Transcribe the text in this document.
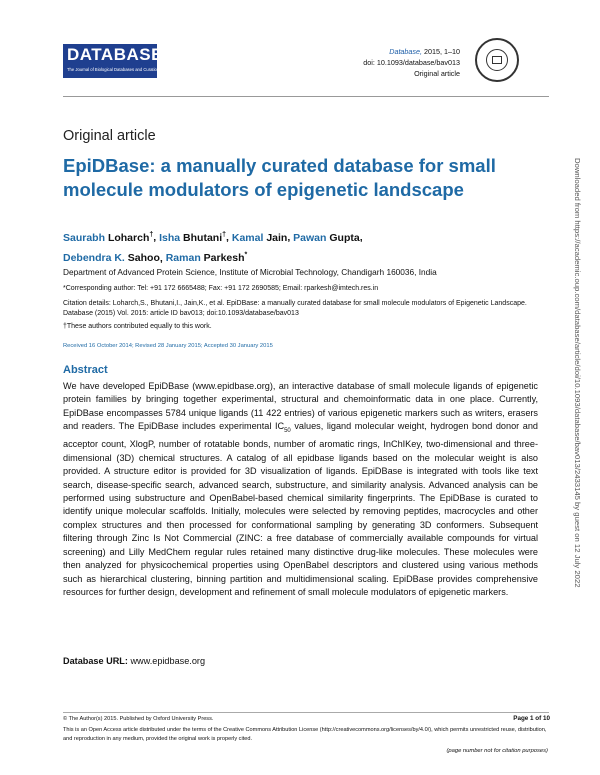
DATABASE
The Journal of Biological Databases and Curation
Database, 2015, 1–10
doi: 10.1093/database/bav013
Original article
Original article
EpiDBase: a manually curated database for small molecule modulators of epigenetic landscape
Saurabh Loharch†, Isha Bhutani†, Kamal Jain, Pawan Gupta,
Debendra K. Sahoo, Raman Parkesh*
Department of Advanced Protein Science, Institute of Microbial Technology, Chandigarh 160036, India
*Corresponding author: Tel: +91 172 6665488; Fax: +91 172 2690585; Email: rparkesh@imtech.res.in
Citation details: Loharch,S., Bhutani,I., Jain,K., et al. EpiDBase: a manually curated database for small molecule modulators of Epigenetic Landscape. Database (2015) Vol. 2015: article ID bav013; doi:10.1093/database/bav013
†These authors contributed equally to this work.
Received 16 October 2014; Revised 28 January 2015; Accepted 30 January 2015
Abstract
We have developed EpiDBase (www.epidbase.org), an interactive database of small molecule ligands of epigenetic protein families by bringing together experimental, structural and chemoinformatic data in one place. Currently, EpiDBase encompasses 5784 unique ligands (11 422 entries) of various epigenetic markers such as writers, erasers and readers. The EpiDBase includes experimental $IC_{50}$ values, ligand molecular weight, hydrogen bond donor and acceptor count, XlogP, number of rotatable bonds, number of aromatic rings, InChIKey, two-dimensional and three-dimensional (3D) chemical structures. A catalog of all epidbase ligands based on the molecular weight is also provided. A structure editor is provided for 3D visualization of ligands. EpiDBase is integrated with tools like text search, disease-specific search, advanced search, substructure, and similarity analysis. Advanced analysis can be performed using substructure and OpenBabel-based chemical similarity fingerprints. The EpiDBase is curated to identify unique molecular scaffolds. Initially, molecules were selected by removing peptides, macrocycles and other complex structures and then processed for conformational sampling by generating 3D conformers. Subsequent filtering through Zinc Is Not Commercial (ZINC: a free database of commercially available compounds for virtual screening) and Lilly MedChem regular rules retained many distinctive drug-like molecules. These molecules were then analyzed for physicochemical properties using OpenBabel descriptors and clustered using various methods such as hierarchical clustering, binning partition and multidimensional scaling. EpiDBase provides comprehensive resources for further design, development and refinement of small molecule modulators of epigenetic markers.
Database URL: www.epidbase.org
© The Author(s) 2015. Published by Oxford University Press.	Page 1 of 10
This is an Open Access article distributed under the terms of the Creative Commons Attribution License (http://creativecommons.org/licenses/by/4.0/), which permits unrestricted reuse, distribution, and reproduction in any medium, provided the original work is properly cited.
(page number not for citation purposes)
Downloaded from https://academic.oup.com/database/article/doi/10.1093/database/bav013/2433145 by guest on 12 July 2022
